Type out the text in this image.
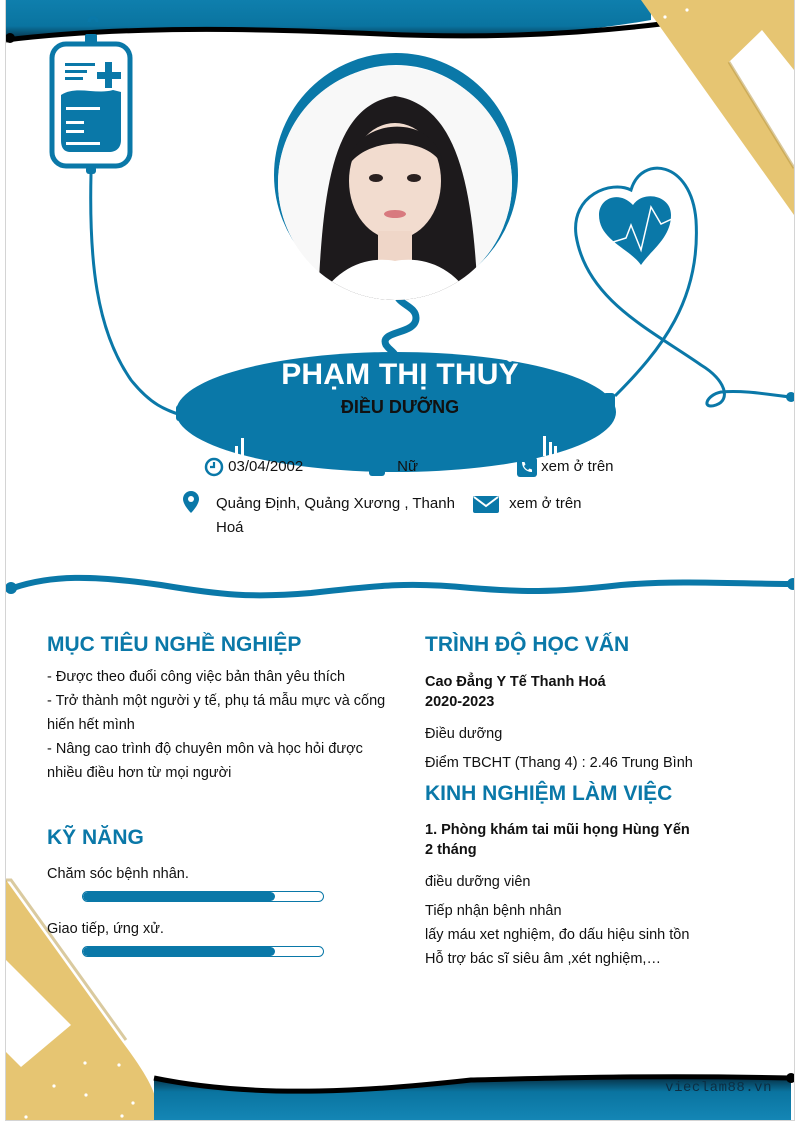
PHẠM THỊ THUỲ
ĐIỀU DƯỠNG
03/04/2002	Nữ	xem ở trên
Quảng Định, Quảng Xương , Thanh
Hoá
xem ở trên
MỤC TIÊU NGHỀ NGHIỆP
- Được theo đuổi công việc bản thân yêu thích
- Trở thành một người y tế, phụ tá mẫu mực và cống
hiến hết mình
- Nâng cao trình độ chuyên môn và học hỏi được
nhiều điều hơn từ mọi người
KỸ NĂNG
Chăm sóc bệnh nhân.
Giao tiếp, ứng xử.
TRÌNH ĐỘ HỌC VẤN
Cao Đẳng Y Tế Thanh Hoá
2020-2023
Điều dưỡng
Điểm TBCHT (Thang 4) : 2.46 Trung Bình
KINH NGHIỆM LÀM VIỆC
1. Phòng khám tai mũi họng Hùng Yến
2 tháng
điều dưỡng viên
Tiếp nhận bệnh nhân
lấy máu xet nghiệm, đo dấu hiệu sinh tồn
Hỗ trợ bác sĩ siêu âm ,xét nghiệm,…
vieclam88.vn
